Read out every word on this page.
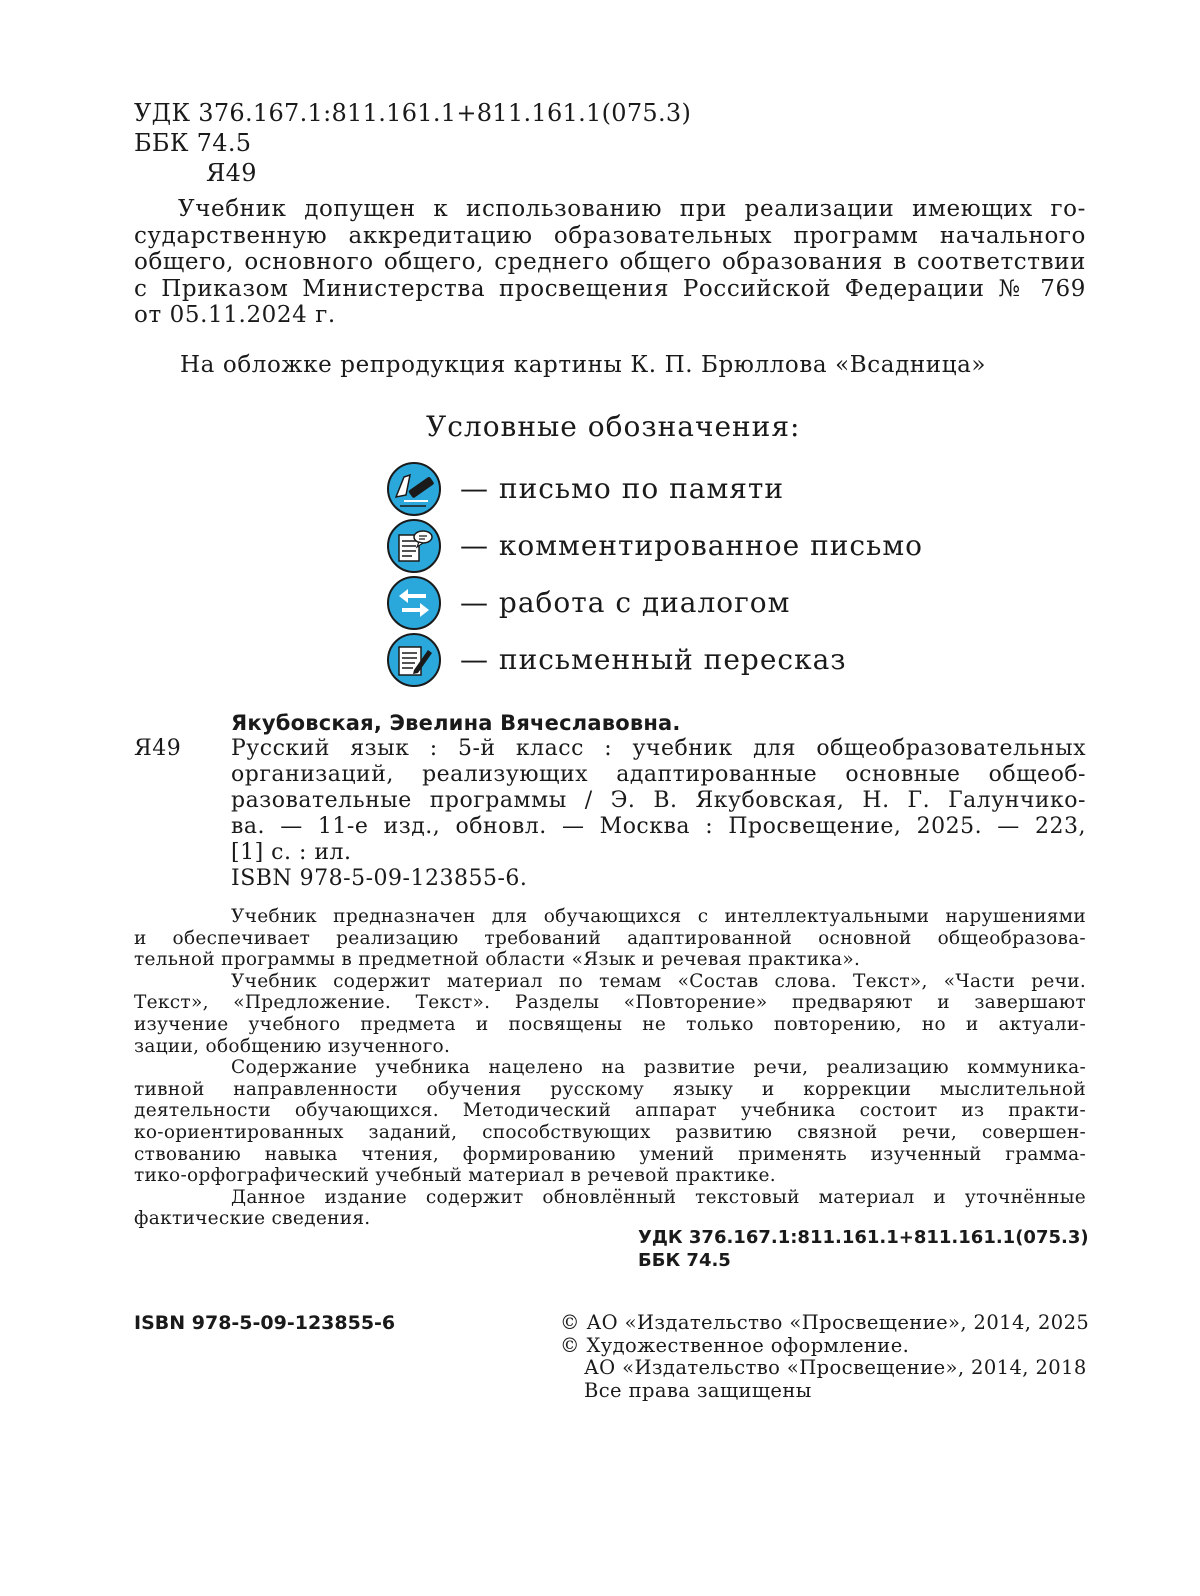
УДК 376.167.1:811.161.1+811.161.1(075.3)
ББК 74.5
Я49
Учебник допущен к использованию при реализации имеющих го-
сударственную аккредитацию образовательных программ начального
общего, основного общего, среднего общего образования в соответствии
с Приказом Министерства просвещения Российской Федерации № 769
от 05.11.2024 г.
На обложке репродукция картины К. П. Брюллова «Всадница»
Условные обозначения:
— письмо по памяти
— комментированное письмо
— работа с диалогом
— письменный пересказ
Якубовская, Эвелина Вячеславовна.
Я49	Русский язык : 5-й класс : учебник для общеобразовательных
организаций, реализующих адаптированные основные общеоб-
разовательные программы / Э. В. Якубовская, Н. Г. Галунчико-
ва. — 11-е изд., обновл. — Москва : Просвещение, 2025. — 223,
[1] с. : ил.
ISBN 978-5-09-123855-6.
Учебник предназначен для обучающихся с интеллектуальными нарушениями
и обеспечивает реализацию требований адаптированной основной общеобразова-
тельной программы в предметной области «Язык и речевая практика».
Учебник содержит материал по темам «Состав слова. Текст», «Части речи.
Текст», «Предложение. Текст». Разделы «Повторение» предваряют и завершают
изучение учебного предмета и посвящены не только повторению, но и актуали-
зации, обобщению изученного.
Содержание учебника нацелено на развитие речи, реализацию коммуника-
тивной направленности обучения русскому языку и коррекции мыслительной
деятельности обучающихся. Методический аппарат учебника состоит из практи-
ко-ориентированных заданий, способствующих развитию связной речи, совершен-
ствованию навыка чтения, формированию умений применять изученный грамма-
тико-орфографический учебный материал в речевой практике.
Данное издание содержит обновлённый текстовый материал и уточнённые
фактические сведения.
УДК 376.167.1:811.161.1+811.161.1(075.3)
ББК 74.5
ISBN 978-5-09-123855-6	© АО «Издательство «Просвещение», 2014, 2025
© Художественное оформление.
АО «Издательство «Просвещение», 2014, 2018
Все права защищены
